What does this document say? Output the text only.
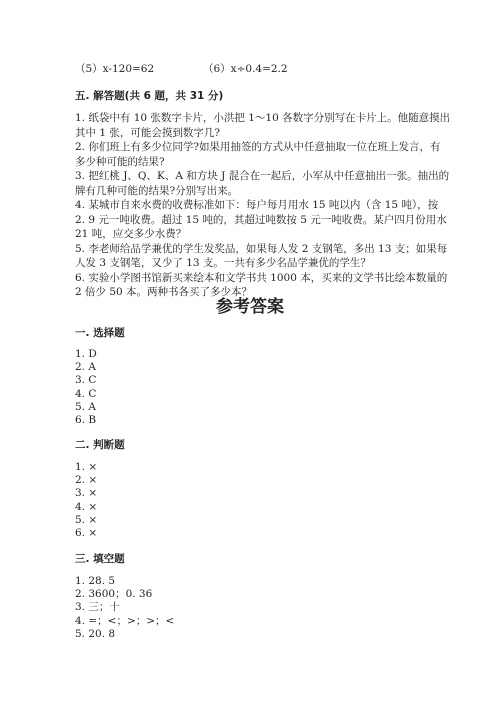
（5）x-120=62	（6）x÷0.4=2.2
五. 解答题(共 6 题，共 31 分)
1. 纸袋中有 10 张数字卡片，小洪把 1～10 各数字分别写在卡片上。他随意摸出
其中 1 张，可能会摸到数字几?
2. 你们班上有多少位同学?如果用抽签的方式从中任意抽取一位在班上发言，有
多少种可能的结果?
3. 把红桃 J、Q、K、A 和方块 J 混合在一起后，小军从中任意抽出一张。抽出的
牌有几种可能的结果?分别写出来。
4. 某城市自来水费的收费标准如下：每户每月用水 15 吨以内（含 15 吨），按
2. 9 元一吨收费。超过 15 吨的，其超过吨数按 5 元一吨收费。某户四月份用水
21 吨，应交多少水费？
5. 李老师给品学兼优的学生发奖品，如果每人发 2 支钢笔，多出 13 支；如果每
人发 3 支钢笔，又少了 13 支。一共有多少名品学兼优的学生？
6. 实验小学图书馆新买来绘本和文学书共 1000 本，买来的文学书比绘本数量的
2 倍少 50 本。两种书各买了多少本？
参考答案
一. 选择题
1. D
2. A
3. C
4. C
5. A
6. B
二. 判断题
1. ×
2. ×
3. ×
4. ×
5. ×
6. ×
三. 填空题
1. 28. 5
2. 3600；0. 36
3. 三；十
4. =；<；>；>；<
5. 20. 8
